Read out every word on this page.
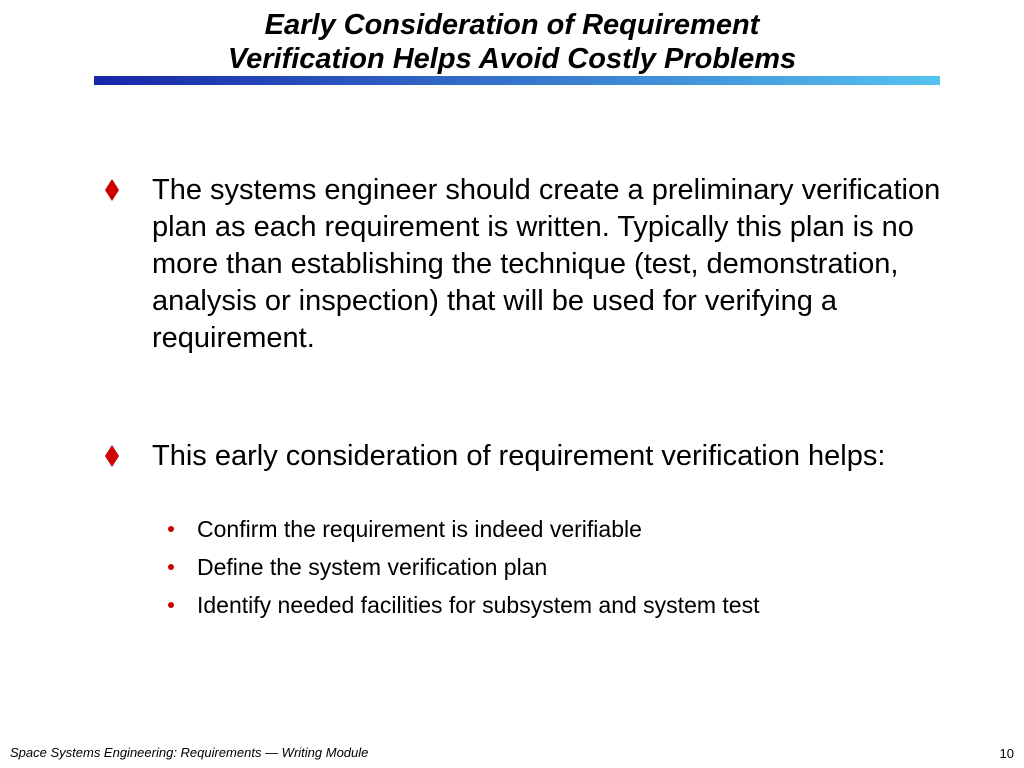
Early Consideration of Requirement
Verification Helps Avoid Costly Problems
The systems engineer should create a preliminary verification plan as each requirement is written. Typically this plan is no more than establishing the technique (test, demonstration, analysis or inspection) that will be used for verifying a requirement.
This early consideration of requirement verification helps:
Confirm the requirement is indeed verifiable
Define the system verification plan
Identify needed facilities for subsystem and system test
Space Systems Engineering: Requirements — Writing Module	10
